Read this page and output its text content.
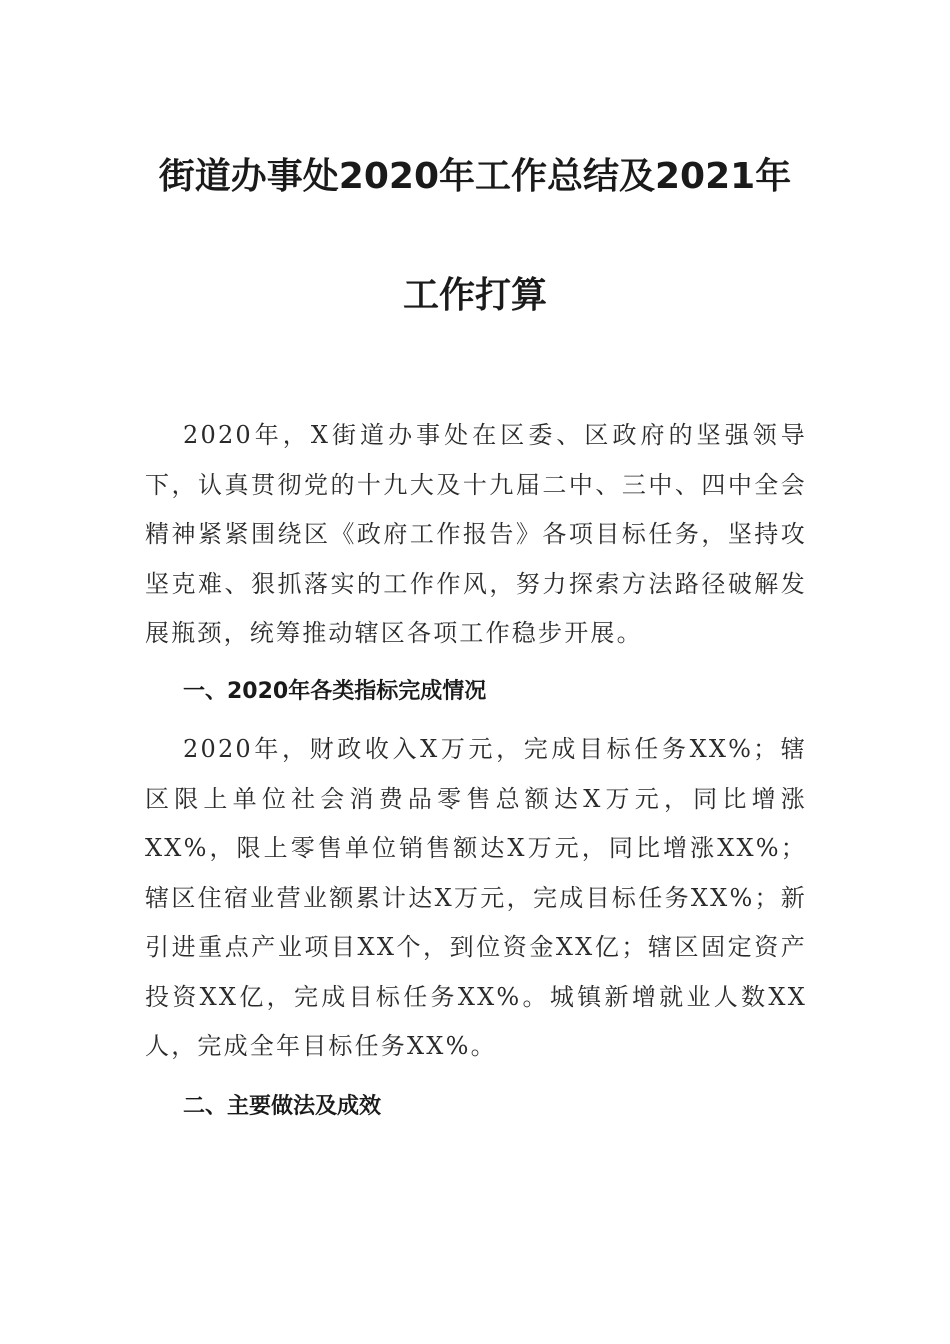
街道办事处2020年工作总结及2021年
工作打算

2020年，X街道办事处在区委、区政府的坚强领导下，认真贯彻党的十九大及十九届二中、三中、四中全会精神紧紧围绕区《政府工作报告》各项目标任务，坚持攻坚克难、狠抓落实的工作作风，努力探索方法路径破解发展瓶颈，统筹推动辖区各项工作稳步开展。

一、2020年各类指标完成情况

2020年，财政收入X万元，完成目标任务XX%；辖区限上单位社会消费品零售总额达X万元，同比增涨XX%，限上零售单位销售额达X万元，同比增涨XX%；辖区住宿业营业额累计达X万元，完成目标任务XX%；新引进重点产业项目XX个，到位资金XX亿；辖区固定资产投资XX亿，完成目标任务XX%。城镇新增就业人数XX人，完成全年目标任务XX%。

二、主要做法及成效
